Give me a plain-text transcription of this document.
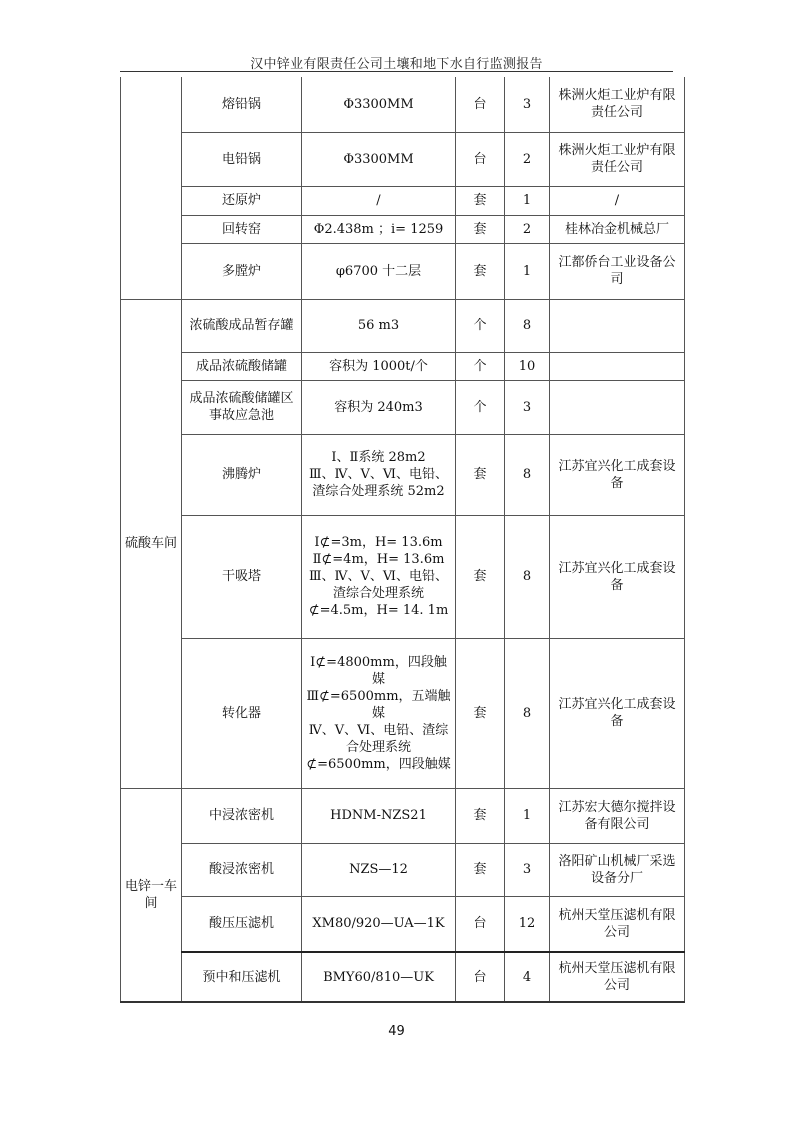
汉中锌业有限责任公司土壤和地下水自行监测报告
	熔铅锅	Φ3300MM	台	3	株洲火炬工业炉有限责任公司
	电铅锅	Φ3300MM	台	2	株洲火炬工业炉有限责任公司
	还原炉	/	套	1	/
	回转窑	Φ2.438m ；i= 1259	套	2	桂林冶金机械总厂
	多膛炉	φ6700 十二层	套	1	江都侨台工业设备公司
硫酸车间	浓硫酸成品暂存罐	56 m3	个	8	
	成品浓硫酸储罐	容积为 1000t/个	个	10	
	成品浓硫酸储罐区事故应急池	容积为 240m3	个	3	
	沸腾炉	Ⅰ、Ⅱ系统 28m2
Ⅲ、Ⅳ、Ⅴ、Ⅵ、电铅、渣综合处理系统 52m2	套	8	江苏宜兴化工成套设备
	干吸塔	Ⅰ⊄=3m，H= 13.6m
Ⅱ⊄=4m，H= 13.6m
Ⅲ、Ⅳ、Ⅴ、Ⅵ、电铅、
渣综合处理系统⊄=4.5m，H= 14. 1m	套	8	江苏宜兴化工成套设备
	转化器	Ⅰ⊄=4800mm，四段触媒
Ⅲ⊄=6500mm，五端触媒
Ⅳ、Ⅴ、Ⅵ、电铅、渣综合处理系统⊄=6500mm，四段触媒	套	8	江苏宜兴化工成套设备
电锌一车间	中浸浓密机	HDNM-NZS21	套	1	江苏宏大德尔搅拌设备有限公司
	酸浸浓密机	NZS—12	套	3	洛阳矿山机械厂采选设备分厂
	酸压压滤机	XM80/920—UA—1K	台	12	杭州天堂压滤机有限公司
	预中和压滤机	BMY60/810—UK	台	4	杭州天堂压滤机有限公司
49
